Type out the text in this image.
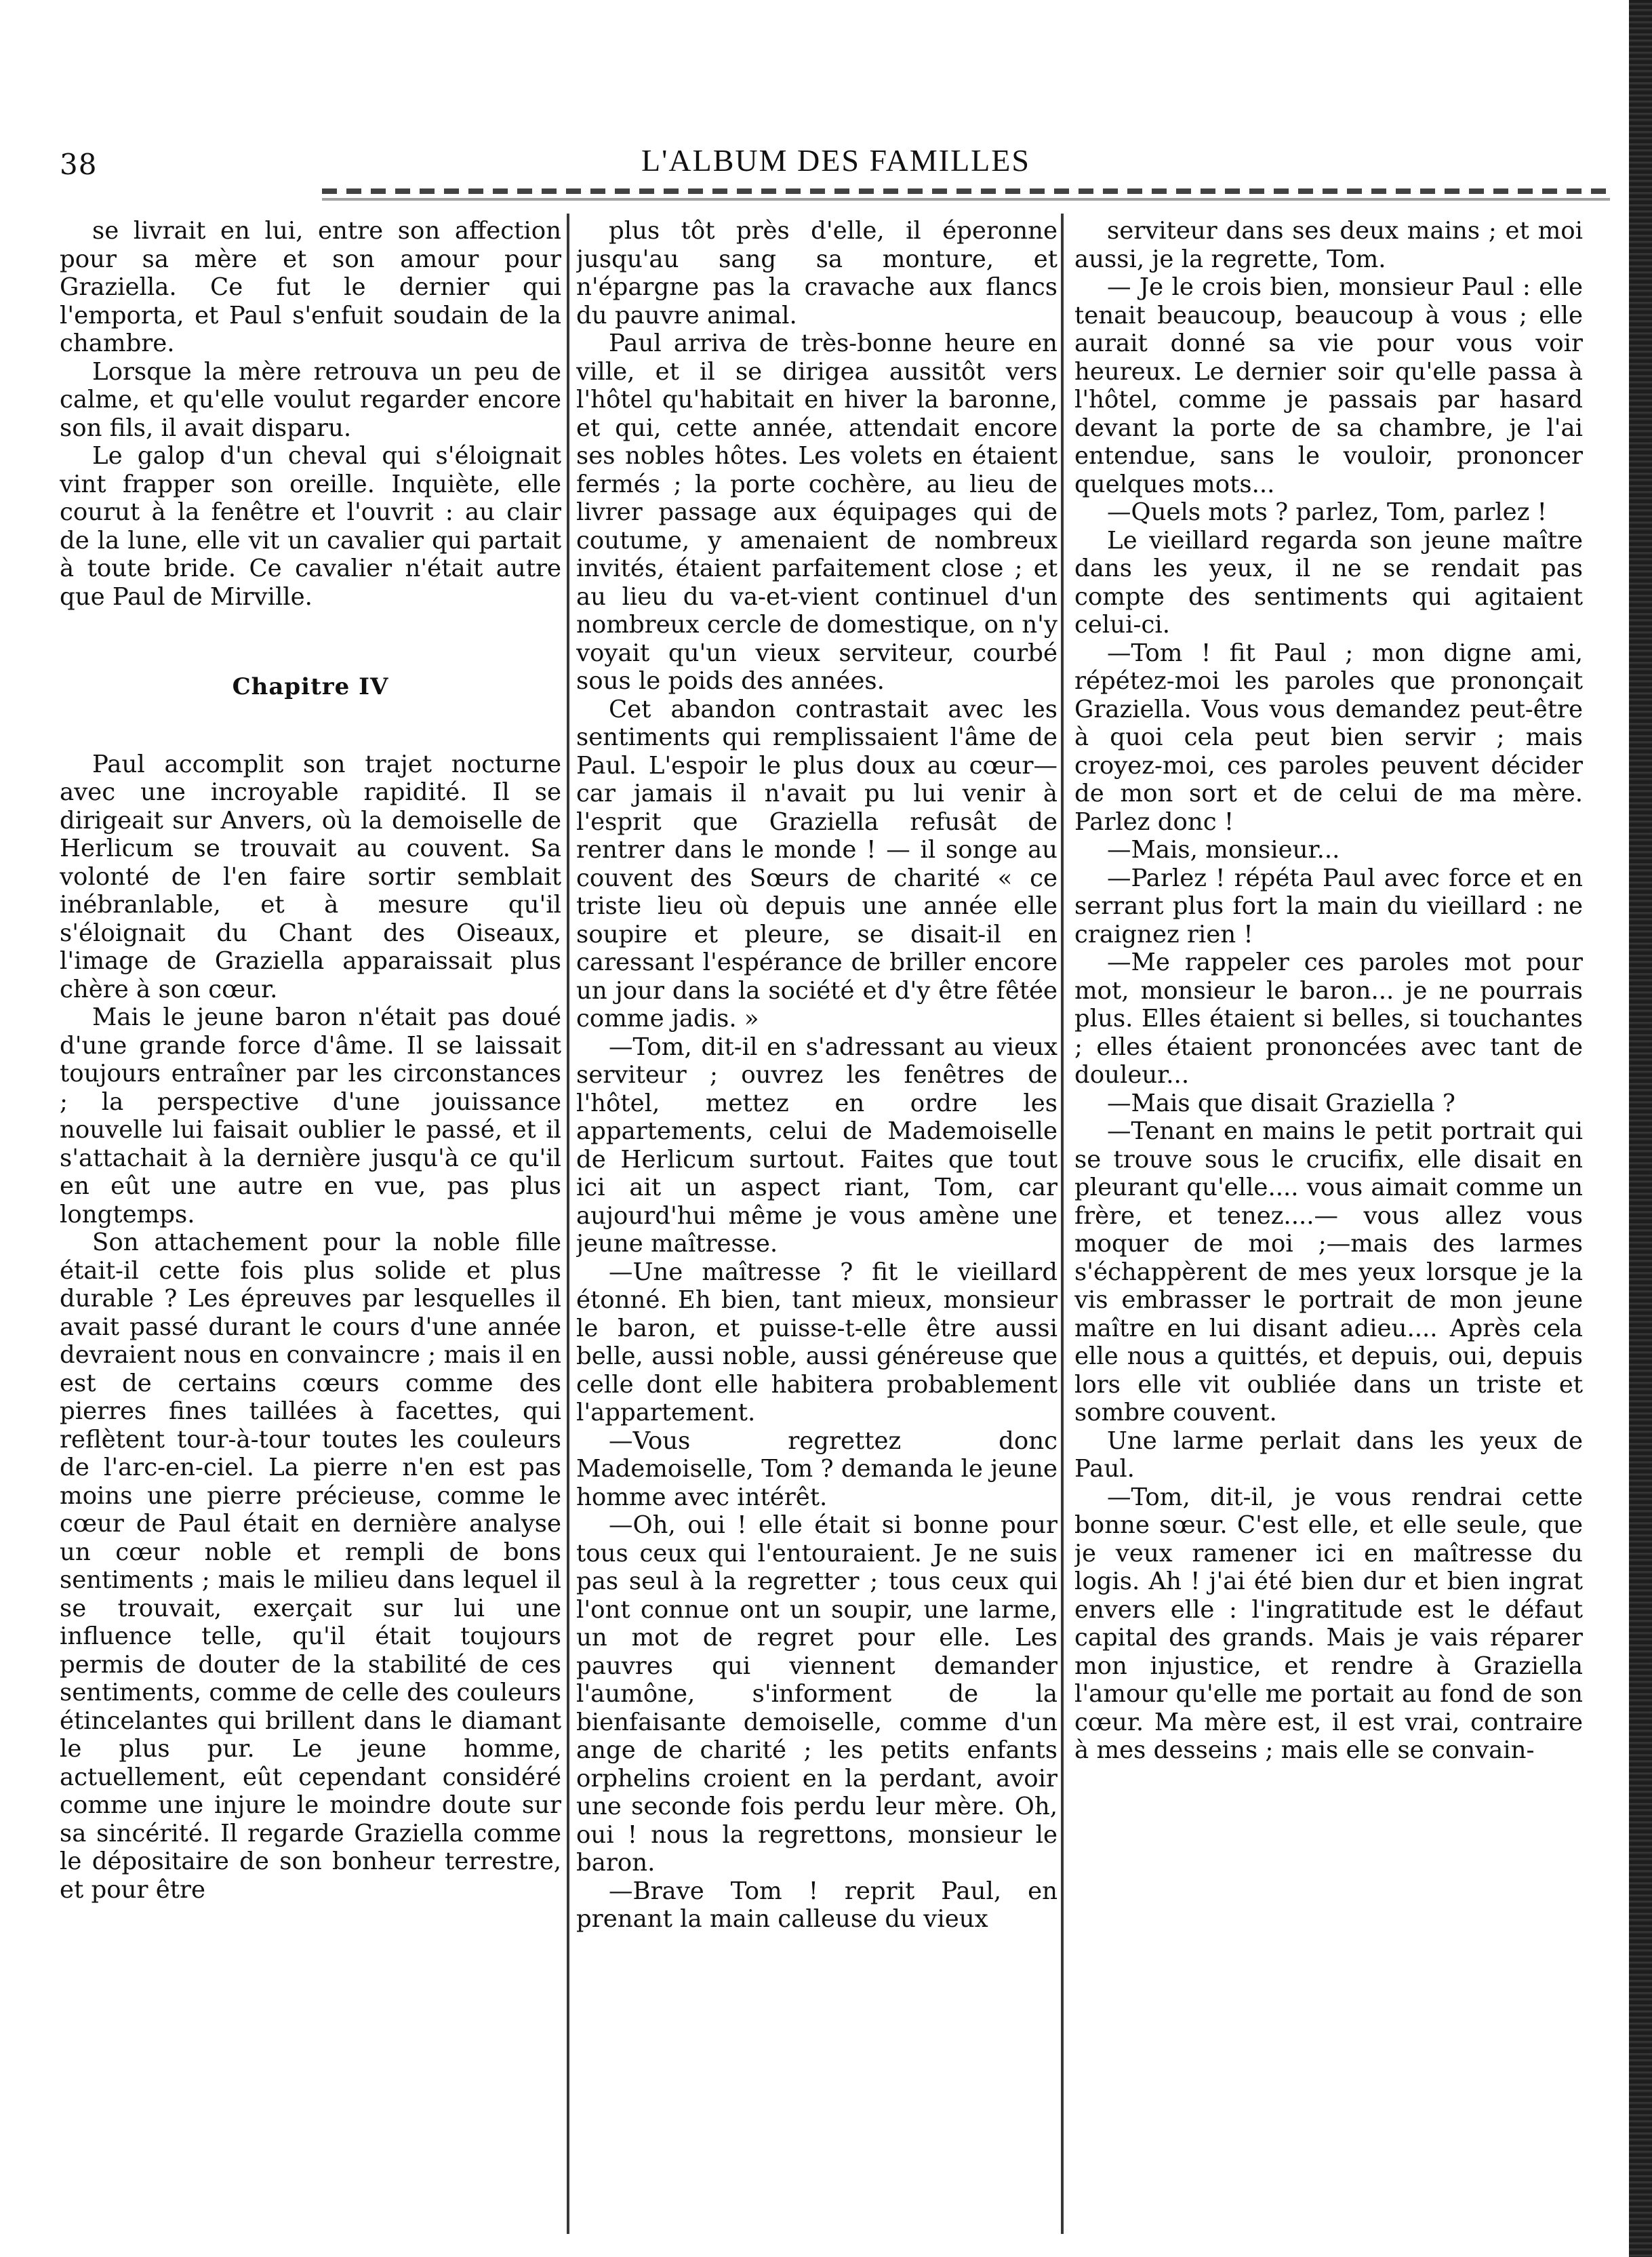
38	L'ALBUM DES FAMILLES

se livrait en lui, entre son affection pour sa mère et son amour pour Graziella. Ce fut le dernier qui l'emporta, et Paul s'enfuit soudain de la chambre.

Lorsque la mère retrouva un peu de calme, et qu'elle voulut regarder encore son fils, il avait disparu.

Le galop d'un cheval qui s'éloignait vint frapper son oreille. Inquiète, elle courut à la fenêtre et l'ouvrit : au clair de la lune, elle vit un cavalier qui partait à toute bride. Ce cavalier n'était autre que Paul de Mirville.

Chapitre IV

Paul accomplit son trajet nocturne avec une incroyable rapidité. Il se dirigeait sur Anvers, où la demoiselle de Herlicum se trouvait au couvent. Sa volonté de l'en faire sortir semblait inébranlable, et à mesure qu'il s'éloignait du Chant des Oiseaux, l'image de Graziella apparaissait plus chère à son cœur.

Mais le jeune baron n'était pas doué d'une grande force d'âme. Il se laissait toujours entraîner par les circonstances ; la perspective d'une jouissance nouvelle lui faisait oublier le passé, et il s'attachait à la dernière jusqu'à ce qu'il en eût une autre en vue, pas plus longtemps.

Son attachement pour la noble fille était-il cette fois plus solide et plus durable ? Les épreuves par lesquelles il avait passé durant le cours d'une année devraient nous en convaincre ; mais il en est de certains cœurs comme des pierres fines taillées à facettes, qui reflètent tour-à-tour toutes les couleurs de l'arc-en-ciel. La pierre n'en est pas moins une pierre précieuse, comme le cœur de Paul était en dernière analyse un cœur noble et rempli de bons sentiments ; mais le milieu dans lequel il se trouvait, exerçait sur lui une influence telle, qu'il était toujours permis de douter de la stabilité de ces sentiments, comme de celle des couleurs étincelantes qui brillent dans le diamant le plus pur. Le jeune homme, actuellement, eût cependant considéré comme une injure le moindre doute sur sa sincérité. Il regarde Graziella comme le dépositaire de son bonheur terrestre, et pour être

plus tôt près d'elle, il éperonne jusqu'au sang sa monture, et n'épargne pas la cravache aux flancs du pauvre animal.

Paul arriva de très-bonne heure en ville, et il se dirigea aussitôt vers l'hôtel qu'habitait en hiver la baronne, et qui, cette année, attendait encore ses nobles hôtes. Les volets en étaient fermés ; la porte cochère, au lieu de livrer passage aux équipages qui de coutume, y amenaient de nombreux invités, étaient parfaitement close ; et au lieu du va-et-vient continuel d'un nombreux cercle de domestique, on n'y voyait qu'un vieux serviteur, courbé sous le poids des années.

Cet abandon contrastait avec les sentiments qui remplissaient l'âme de Paul. L'espoir le plus doux au cœur—car jamais il n'avait pu lui venir à l'esprit que Graziella refusât de rentrer dans le monde ! — il songe au couvent des Sœurs de charité « ce triste lieu où depuis une année elle soupire et pleure, se disait-il en caressant l'espérance de briller encore un jour dans la société et d'y être fêtée comme jadis. »

—Tom, dit-il en s'adressant au vieux serviteur ; ouvrez les fenêtres de l'hôtel, mettez en ordre les appartements, celui de Mademoiselle de Herlicum surtout. Faites que tout ici ait un aspect riant, Tom, car aujourd'hui même je vous amène une jeune maîtresse.

—Une maîtresse ? fit le vieillard étonné. Eh bien, tant mieux, monsieur le baron, et puisse-t-elle être aussi belle, aussi noble, aussi généreuse que celle dont elle habitera probablement l'appartement.

—Vous regrettez donc Mademoiselle, Tom ? demanda le jeune homme avec intérêt.

—Oh, oui ! elle était si bonne pour tous ceux qui l'entouraient. Je ne suis pas seul à la regretter ; tous ceux qui l'ont connue ont un soupir, une larme, un mot de regret pour elle. Les pauvres qui viennent demander l'aumône, s'informent de la bienfaisante demoiselle, comme d'un ange de charité ; les petits enfants orphelins croient en la perdant, avoir une seconde fois perdu leur mère. Oh, oui ! nous la regrettons, monsieur le baron.

—Brave Tom ! reprit Paul, en prenant la main calleuse du vieux

serviteur dans ses deux mains ; et moi aussi, je la regrette, Tom.

— Je le crois bien, monsieur Paul : elle tenait beaucoup, beaucoup à vous ; elle aurait donné sa vie pour vous voir heureux. Le dernier soir qu'elle passa à l'hôtel, comme je passais par hasard devant la porte de sa chambre, je l'ai entendue, sans le vouloir, prononcer quelques mots...

—Quels mots ? parlez, Tom, parlez !

Le vieillard regarda son jeune maître dans les yeux, il ne se rendait pas compte des sentiments qui agitaient celui-ci.

—Tom ! fit Paul ; mon digne ami, répétez-moi les paroles que prononçait Graziella. Vous vous demandez peut-être à quoi cela peut bien servir ; mais croyez-moi, ces paroles peuvent décider de mon sort et de celui de ma mère. Parlez donc !

—Mais, monsieur...

—Parlez ! répéta Paul avec force et en serrant plus fort la main du vieillard : ne craignez rien !

—Me rappeler ces paroles mot pour mot, monsieur le baron... je ne pourrais plus. Elles étaient si belles, si touchantes ; elles étaient prononcées avec tant de douleur...

—Mais que disait Graziella ?

—Tenant en mains le petit portrait qui se trouve sous le crucifix, elle disait en pleurant qu'elle.... vous aimait comme un frère, et tenez....— vous allez vous moquer de moi ;—mais des larmes s'échappèrent de mes yeux lorsque je la vis embrasser le portrait de mon jeune maître en lui disant adieu.... Après cela elle nous a quittés, et depuis, oui, depuis lors elle vit oubliée dans un triste et sombre couvent.

Une larme perlait dans les yeux de Paul.

—Tom, dit-il, je vous rendrai cette bonne sœur. C'est elle, et elle seule, que je veux ramener ici en maîtresse du logis. Ah ! j'ai été bien dur et bien ingrat envers elle : l'ingratitude est le défaut capital des grands. Mais je vais réparer mon injustice, et rendre à Graziella l'amour qu'elle me portait au fond de son cœur. Ma mère est, il est vrai, contraire à mes desseins ; mais elle se convain-
